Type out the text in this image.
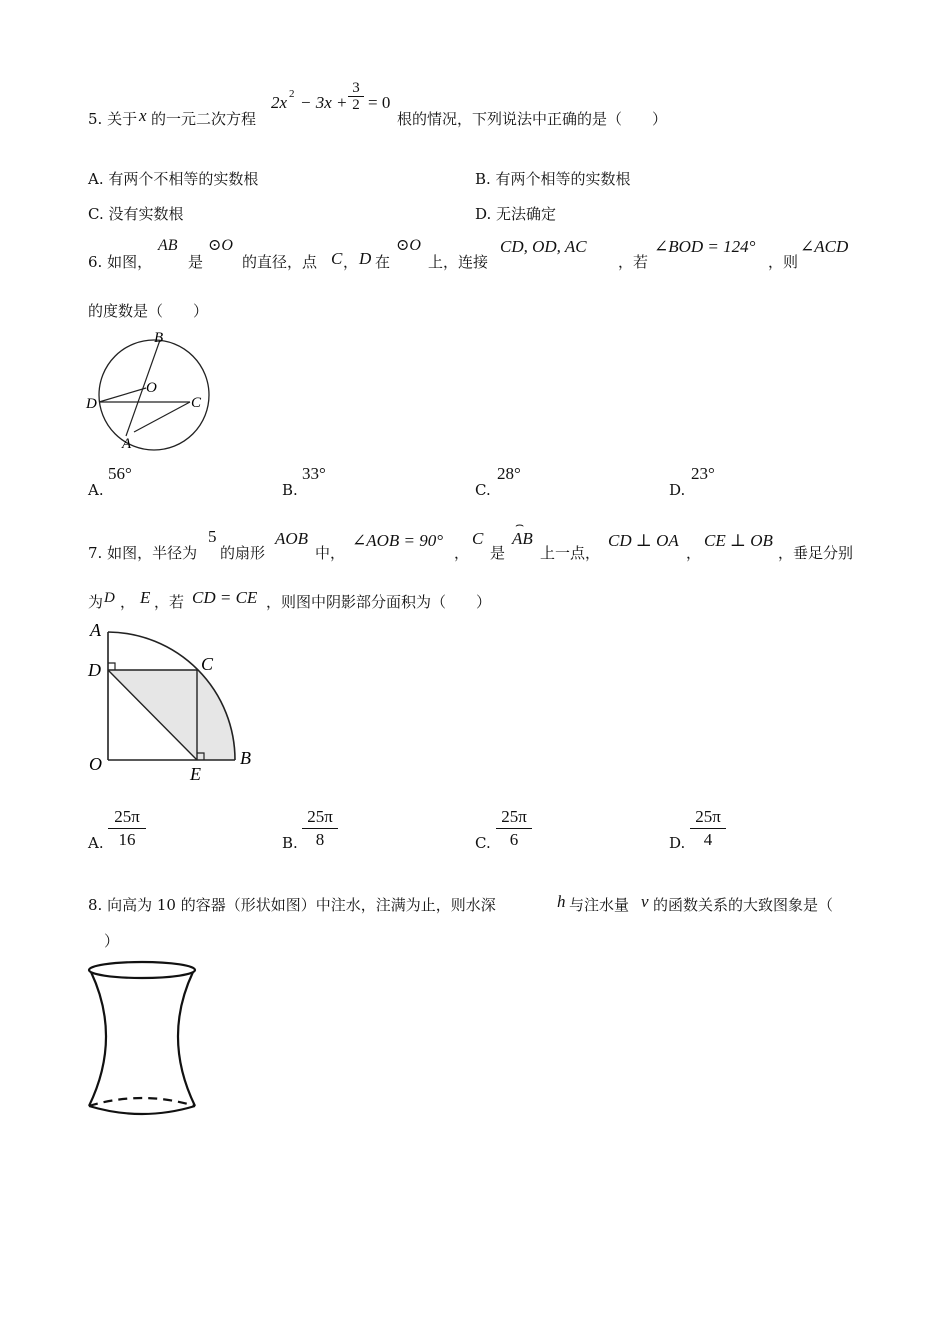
5. 关于 x 的一元二次方程
2x 2 − 3x +
3
2 = 0
根的情况，下列说法中正确的是（　　）
A. 有两个不相等的实数根	B. 有两个相等的实数根
C. 没有实数根	D. 无法确定
6. 如图，
AB
是
⊙O
的直径，点 C ， D 在
⊙O
上，连接
CD, OD, AC
，若
∠BOD = 124°
，则
∠ACD
的度数是（　　）
B
O
D	C
A
A.
56°
B.
33°
C.
28°
D.
23°
7. 如图，半径为
5
的扇形
AOB
中，
∠AOB = 90°
，
C
是
AB
⌢
上一点，
CD ⊥ OA
，
CE ⊥ OB
，垂足分别
为 D ， E ，若 CD = CE ，则图中阴影部分面积为（　　）
A
D	C
O	E
B
A.
25π
16	B.
25π
8	C.
25π
6	D.
25π
4
8. 向高为 10 的容器（形状如图）中注水，注满为止，则水深	h 与注水量 v 的函数关系的大致图象是（
）
